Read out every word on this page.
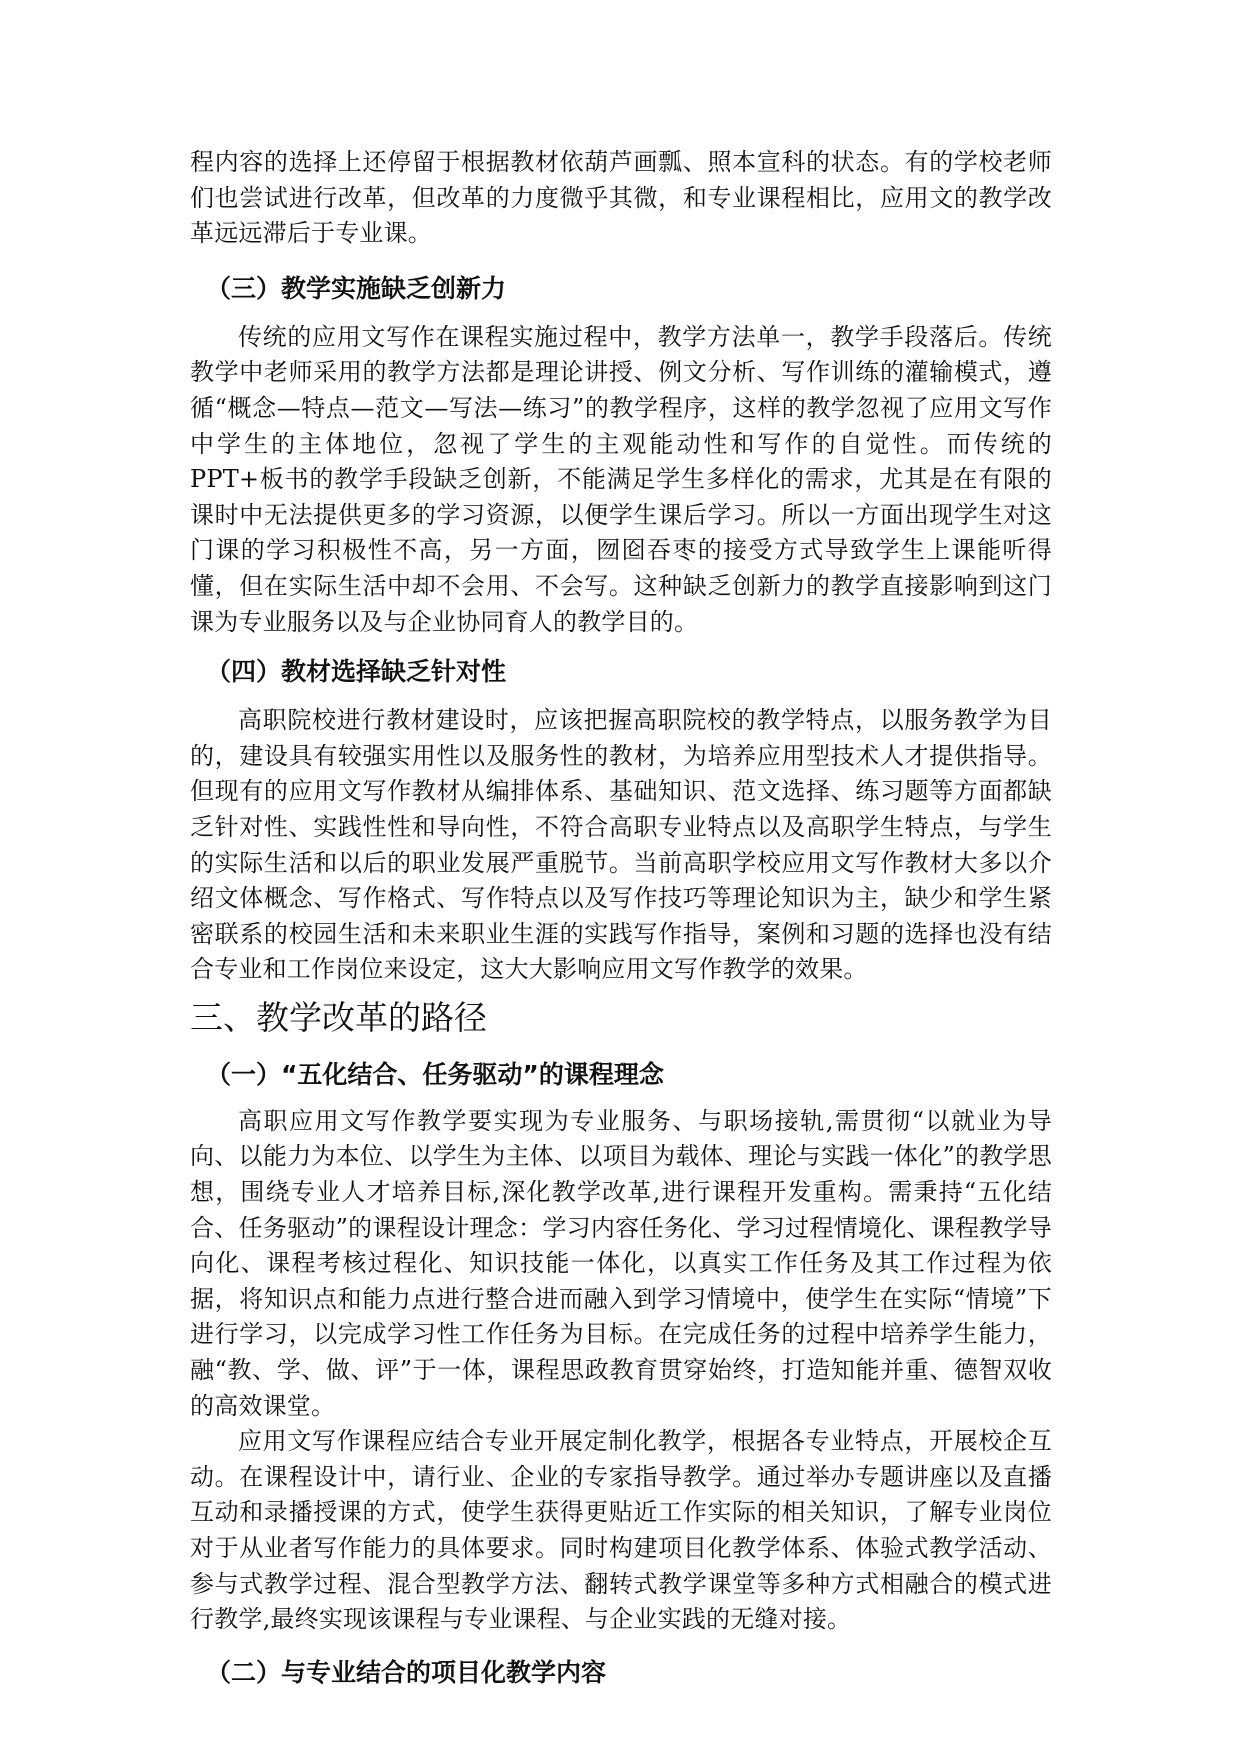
程内容的选择上还停留于根据教材依葫芦画瓢、照本宣科的状态。有的学校老师们也尝试进行改革，但改革的力度微乎其微，和专业课程相比，应用文的教学改革远远滞后于专业课。

（三）教学实施缺乏创新力

传统的应用文写作在课程实施过程中，教学方法单一，教学手段落后。传统教学中老师采用的教学方法都是理论讲授、例文分析、写作训练的灌输模式，遵循“概念—特点—范文—写法—练习”的教学程序，这样的教学忽视了应用文写作中学生的主体地位，忽视了学生的主观能动性和写作的自觉性。而传统的 PPT+板书的教学手段缺乏创新，不能满足学生多样化的需求，尤其是在有限的课时中无法提供更多的学习资源，以便学生课后学习。所以一方面出现学生对这门课的学习积极性不高，另一方面，囫囵吞枣的接受方式导致学生上课能听得懂，但在实际生活中却不会用、不会写。这种缺乏创新力的教学直接影响到这门课为专业服务以及与企业协同育人的教学目的。

（四）教材选择缺乏针对性

高职院校进行教材建设时，应该把握高职院校的教学特点，以服务教学为目的，建设具有较强实用性以及服务性的教材，为培养应用型技术人才提供指导。但现有的应用文写作教材从编排体系、基础知识、范文选择、练习题等方面都缺乏针对性、实践性性和导向性，不符合高职专业特点以及高职学生特点，与学生的实际生活和以后的职业发展严重脱节。当前高职学校应用文写作教材大多以介绍文体概念、写作格式、写作特点以及写作技巧等理论知识为主，缺少和学生紧密联系的校园生活和未来职业生涯的实践写作指导，案例和习题的选择也没有结合专业和工作岗位来设定，这大大影响应用文写作教学的效果。

三、教学改革的路径
（一）“五化结合、任务驱动”的课程理念

高职应用文写作教学要实现为专业服务、与职场接轨,需贯彻“以就业为导向、以能力为本位、以学生为主体、以项目为载体、理论与实践一体化”的教学思想，围绕专业人才培养目标,深化教学改革,进行课程开发重构。需秉持“五化结合、任务驱动”的课程设计理念：学习内容任务化、学习过程情境化、课程教学导向化、课程考核过程化、知识技能一体化，以真实工作任务及其工作过程为依据，将知识点和能力点进行整合进而融入到学习情境中，使学生在实际“情境”下进行学习，以完成学习性工作任务为目标。在完成任务的过程中培养学生能力，融“教、学、做、评”于一体，课程思政教育贯穿始终，打造知能并重、德智双收的高效课堂。

应用文写作课程应结合专业开展定制化教学，根据各专业特点，开展校企互动。在课程设计中，请行业、企业的专家指导教学。通过举办专题讲座以及直播互动和录播授课的方式，使学生获得更贴近工作实际的相关知识，了解专业岗位对于从业者写作能力的具体要求。同时构建项目化教学体系、体验式教学活动、参与式教学过程、混合型教学方法、翻转式教学课堂等多种方式相融合的模式进行教学,最终实现该课程与专业课程、与企业实践的无缝对接。

（二）与专业结合的项目化教学内容
